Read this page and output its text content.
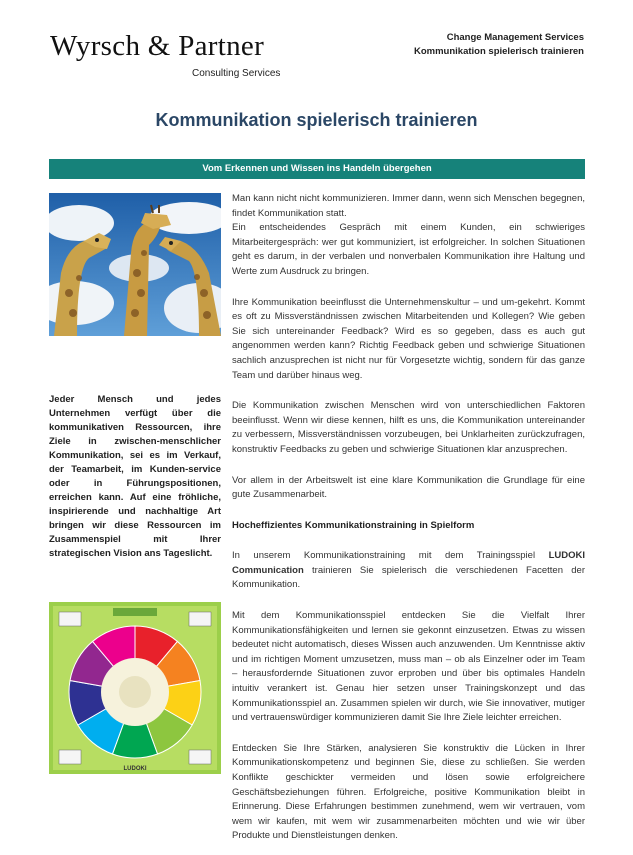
Wyrsch & Partner
Consulting Services
Change Management Services
Kommunikation spielerisch trainieren
Kommunikation spielerisch trainieren
Vom Erkennen und Wissen ins Handeln übergehen
Jeder Mensch und jedes Unternehmen verfügt über die kommunikativen Ressourcen, ihre Ziele in zwischen-menschlicher Kommunikation, sei es im Verkauf, der Teamarbeit, im Kunden-service oder in Führungspositionen, erreichen kann. Auf eine fröhliche, inspirierende und nachhaltige Art bringen wir diese Ressourcen im Zusammenspiel mit Ihrer strategischen Vision ans Tageslicht.
LUDOKI

Man kann nicht nicht kommunizieren. Immer dann, wenn sich Menschen begegnen, findet Kommunikation statt.

Ein entscheidendes Gespräch mit einem Kunden, ein schwieriges Mitarbeitergespräch: wer gut kommuniziert, ist erfolgreicher. In solchen Situationen geht es darum, in der verbalen und nonverbalen Kommunikation ihre Haltung und Werte zum Ausdruck zu bringen.

Ihre Kommunikation beeinflusst die Unternehmenskultur – und um-gekehrt. Kommt es oft zu Missverständnissen zwischen Mitarbeitenden und Kollegen? Wie geben Sie sich untereinander Feedback? Wird es so gegeben, dass es auch gut angenommen werden kann? Richtig Feedback geben und schwierige Situationen sachlich anzusprechen ist nicht nur für Vorgesetzte wichtig, sondern für das ganze Team und darüber hinaus weg.

Die Kommunikation zwischen Menschen wird von unterschiedlichen Faktoren beeinflusst. Wenn wir diese kennen, hilft es uns, die Kommunikation untereinander zu verbessern, Missverständnissen vorzubeugen, bei Unklarheiten zurückzufragen, konstruktiv Feedbacks zu geben und schwierige Situationen klar anzusprechen.

Vor allem in der Arbeitswelt ist eine klare Kommunikation die Grundlage für eine gute Zusammenarbeit.

Hocheffizientes Kommunikationstraining in Spielform

In unserem Kommunikationstraining mit dem Trainingsspiel LUDOKI Communication trainieren Sie spielerisch die verschiedenen Facetten der Kommunikation.

Mit dem Kommunikationsspiel entdecken Sie die Vielfalt Ihrer Kommunikationsfähigkeiten und lernen sie gekonnt einzusetzen. Etwas zu wissen bedeutet nicht automatisch, dieses Wissen auch anzuwenden. Um Kenntnisse aktiv und im richtigen Moment umzusetzen, muss man – ob als Einzelner oder im Team – herausfordernde Situationen zuvor erproben und über bis optimales Handeln intuitiv verankert ist. Genau hier setzen unser Trainingskonzept und das Kommunikationsspiel an. Zusammen spielen wir durch, wie Sie innovativer, mutiger und vertrauenswürdiger kommunizieren damit Sie Ihre Ziele leichter erreichen.

Entdecken Sie Ihre Stärken, analysieren Sie konstruktiv die Lücken in Ihrer Kommunikationskompetenz und beginnen Sie, diese zu schließen. Sie werden Konflikte geschickter vermeiden und lösen sowie erfolgreichere Geschäftsbeziehungen führen. Erfolgreiche, positive Kommunikation bleibt in Erinnerung. Diese Erfahrungen bestimmen zunehmend, wem wir vertrauen, vom wem wir kaufen, mit wem wir zusammenarbeiten möchten und wie wir über Produkte und Dienstleistungen denken.
